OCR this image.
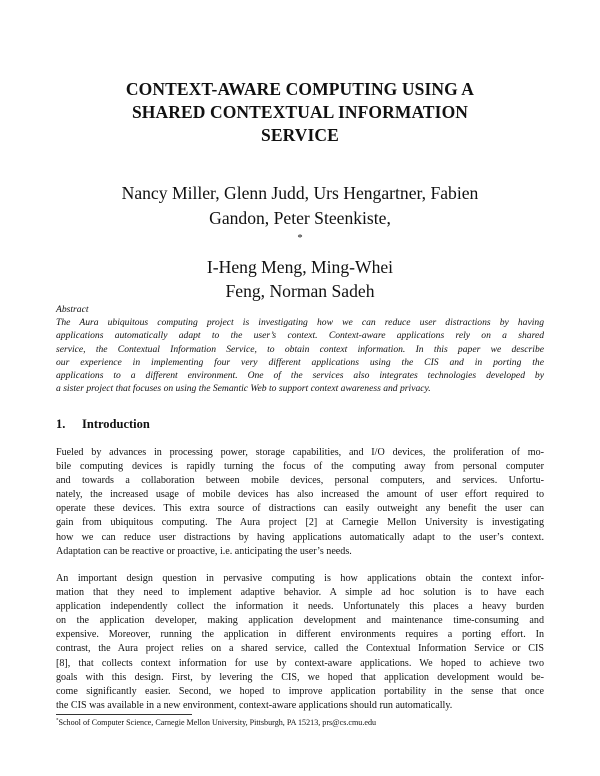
CONTEXT-AWARE COMPUTING USING A
SHARED CONTEXTUAL INFORMATION
SERVICE
Nancy Miller, Glenn Judd, Urs Hengartner, Fabien
Gandon, Peter Steenkiste,
*
I-Heng Meng, Ming-Whei
Feng, Norman Sadeh
Abstract
The Aura ubiquitous computing project is investigating how we can reduce user distractions by having
applications automatically adapt to the user’s context. Context-aware applications rely on a shared
service, the Contextual Information Service, to obtain context information. In this paper we describe
our experience in implementing four very different applications using the CIS and in porting the
applications to a different environment. One of the services also integrates technologies developed by
a sister project that focuses on using the Semantic Web to support context awareness and privacy.
1. Introduction
Fueled by advances in processing power, storage capabilities, and I/O devices, the proliferation of mo-
bile computing devices is rapidly turning the focus of the computing away from personal computer
and towards a collaboration between mobile devices, personal computers, and services. Unfortu-
nately, the increased usage of mobile devices has also increased the amount of user effort required to
operate these devices. This extra source of distractions can easily outweight any benefit the user can
gain from ubiquitous computing. The Aura project [2] at Carnegie Mellon University is investigating
how we can reduce user distractions by having applications automatically adapt to the user’s context.
Adaptation can be reactive or proactive, i.e. anticipating the user’s needs.
An important design question in pervasive computing is how applications obtain the context infor-
mation that they need to implement adaptive behavior. A simple ad hoc solution is to have each
application independently collect the information it needs. Unfortunately this places a heavy burden
on the application developer, making application development and maintenance time-consuming and
expensive. Moreover, running the application in different environments requires a porting effort. In
contrast, the Aura project relies on a shared service, called the Contextual Information Service or CIS
[8], that collects context information for use by context-aware applications. We hoped to achieve two
goals with this design. First, by levering the CIS, we hoped that application development would be-
come significantly easier. Second, we hoped to improve application portability in the sense that once
the CIS was available in a new environment, context-aware applications should run automatically.
*School of Computer Science, Carnegie Mellon University, Pittsburgh, PA 15213, prs@cs.cmu.edu
